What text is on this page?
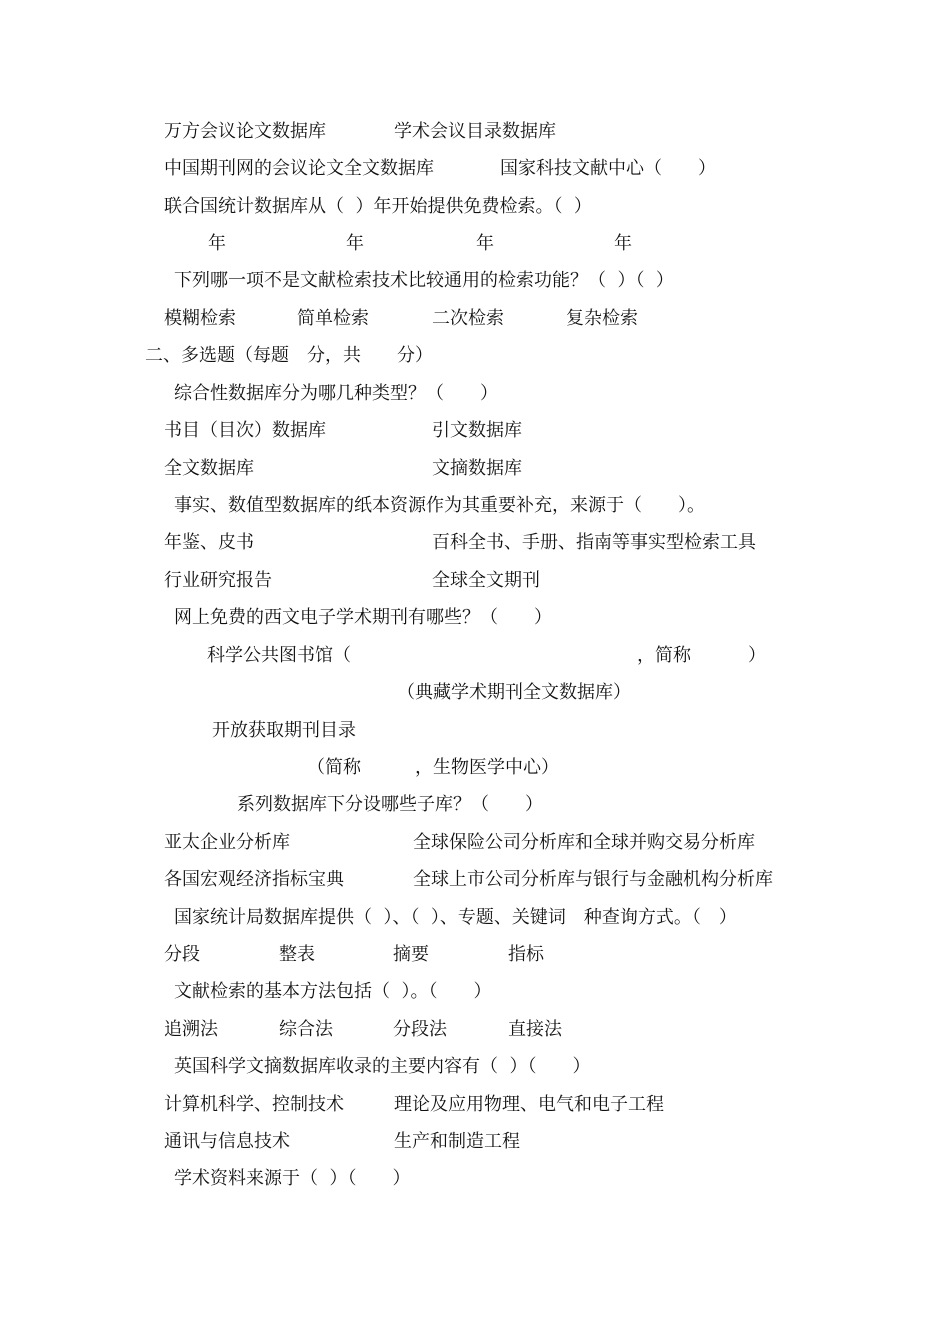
万方会议论文数据库	学术会议目录数据库
中国期刊网的会议论文全文数据库	国家科技文献中心（　　）
联合国统计数据库从（  ）年开始提供免费检索。（  ）
年	年	年	年
下列哪一项不是文献检索技术比较通用的检索功能？（  ）（  ）
模糊检索	简单检索	二次检索	复杂检索
二、多选题（每题　分，共　　分）
综合性数据库分为哪几种类型？（　　）
书目（目次）数据库	引文数据库
全文数据库	文摘数据库
事实、数值型数据库的纸本资源作为其重要补充，来源于（　　）。
年鉴、皮书	百科全书、手册、指南等事实型检索工具
行业研究报告	全球全文期刊
网上免费的西文电子学术期刊有哪些？（　　）
科学公共图书馆（	，简称	）
（典藏学术期刊全文数据库）
开放获取期刊目录
（简称　　　，生物医学中心）
系列数据库下分设哪些子库？（　　）
亚太企业分析库	全球保险公司分析库和全球并购交易分析库
各国宏观经济指标宝典	全球上市公司分析库与银行与金融机构分析库
国家统计局数据库提供（  ）、（  ）、专题、关键词　种查询方式。（　）
分段	整表	摘要	指标
文献检索的基本方法包括（  ）。（　　）
追溯法	综合法	分段法	直接法
英国科学文摘数据库收录的主要内容有（  ）（　　）
计算机科学、控制技术	理论及应用物理、电气和电子工程
通讯与信息技术	生产和制造工程
学术资料来源于（  ）（　　）
